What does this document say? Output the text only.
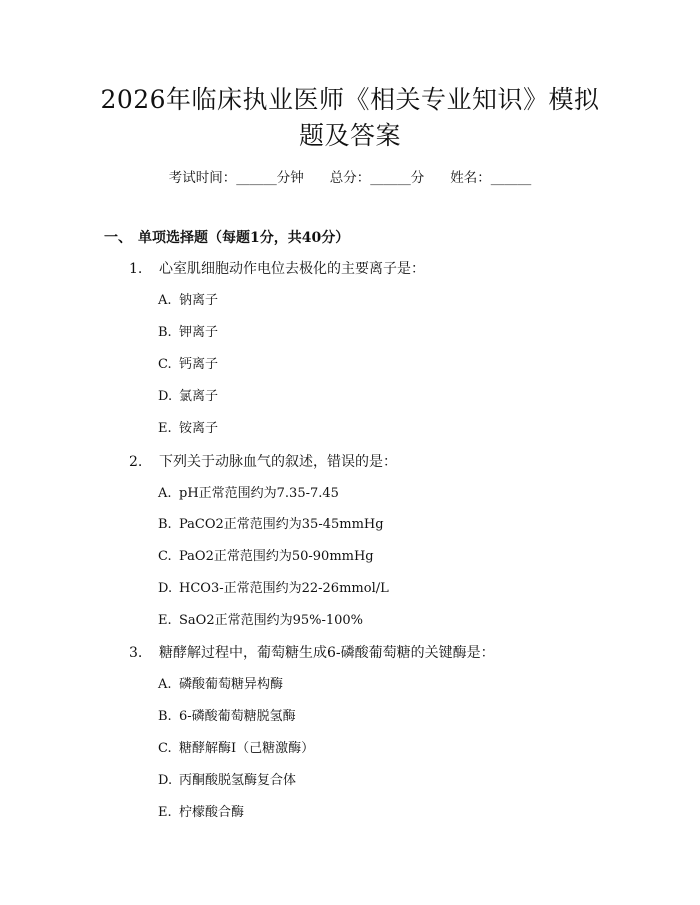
2026年临床执业医师《相关专业知识》模拟
题及答案
考试时间：______分钟 总分：______分 姓名：______
一、 单项选择题（每题1分，共40分）
1. 心室肌细胞动作电位去极化的主要离子是：
A. 钠离子
B. 钾离子
C. 钙离子
D. 氯离子
E. 铵离子
2. 下列关于动脉血气的叙述，错误的是：
A. pH正常范围约为7.35-7.45
B. PaCO2正常范围约为35-45mmHg
C. PaO2正常范围约为50-90mmHg
D. HCO3-正常范围约为22-26mmol/L
E. SaO2正常范围约为95%-100%
3. 糖酵解过程中，葡萄糖生成6-磷酸葡萄糖的关键酶是：
A. 磷酸葡萄糖异构酶
B. 6-磷酸葡萄糖脱氢酶
C. 糖酵解酶I（己糖激酶）
D. 丙酮酸脱氢酶复合体
E. 柠檬酸合酶
